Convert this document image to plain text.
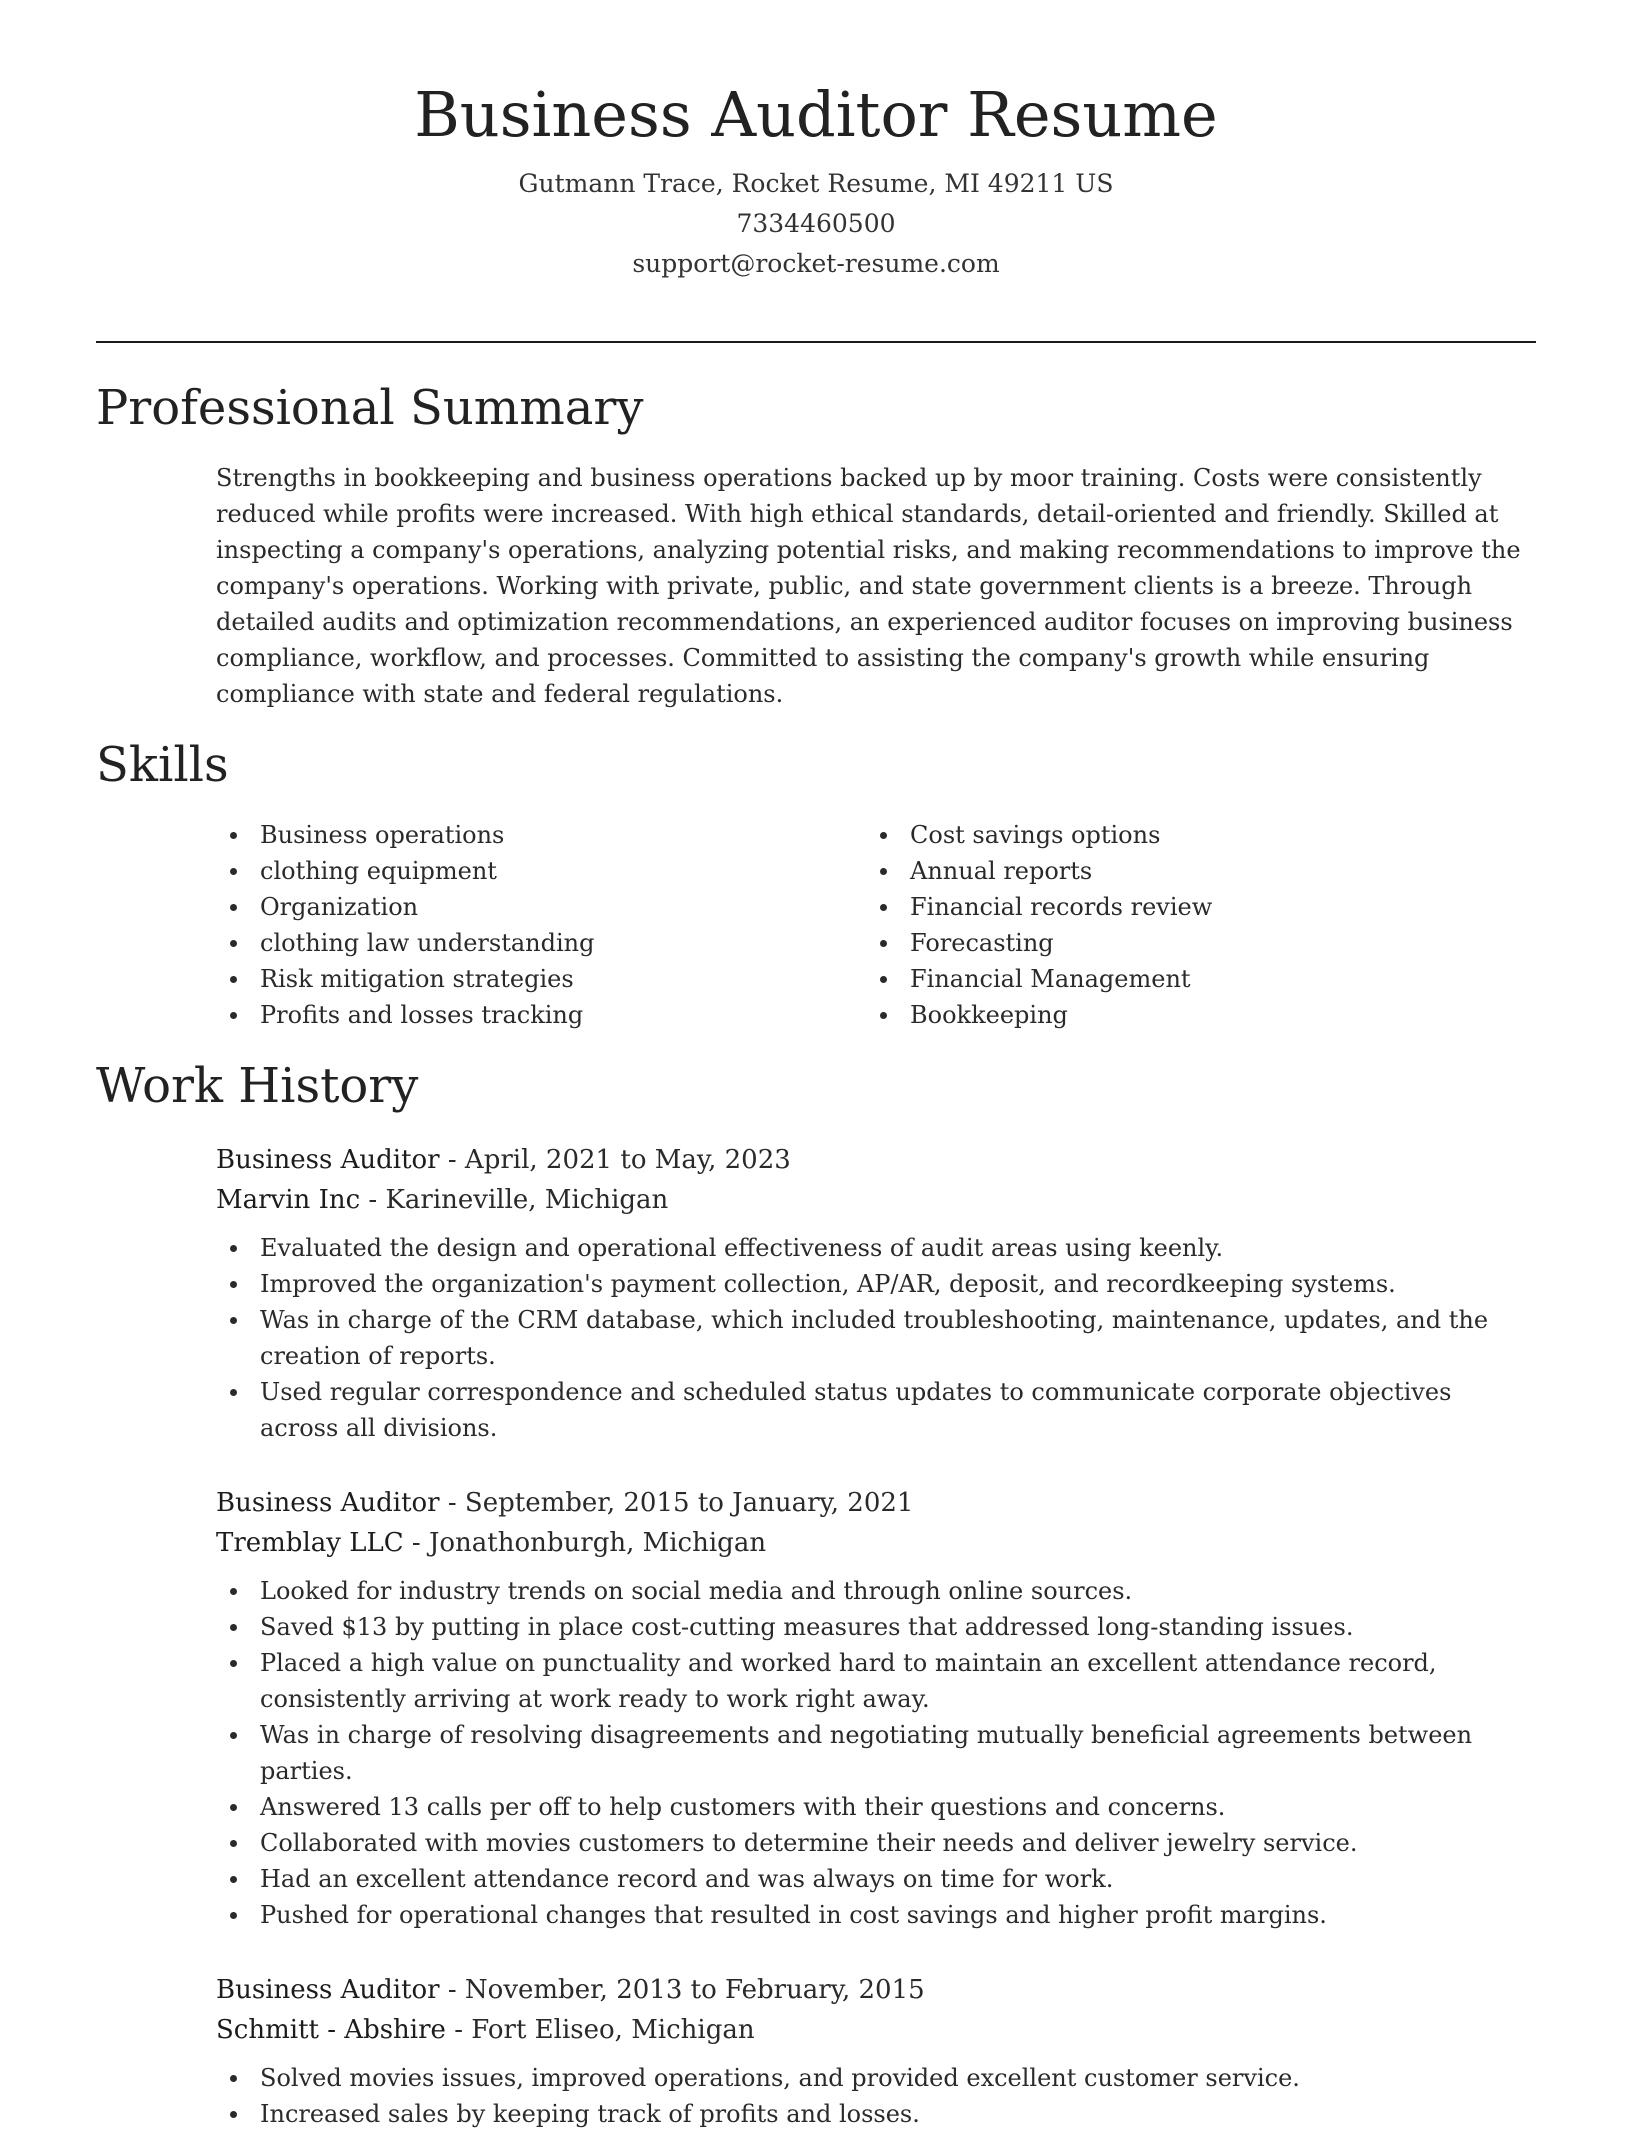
Business Auditor Resume
Gutmann Trace, Rocket Resume, MI 49211 US
7334460500
support@rocket-resume.com
Professional Summary
Strengths in bookkeeping and business operations backed up by moor training. Costs were consistently reduced while profits were increased. With high ethical standards, detail-oriented and friendly. Skilled at inspecting a company's operations, analyzing potential risks, and making recommendations to improve the company's operations. Working with private, public, and state government clients is a breeze. Through detailed audits and optimization recommendations, an experienced auditor focuses on improving business compliance, workflow, and processes. Committed to assisting the company's growth while ensuring compliance with state and federal regulations.
Skills
Business operations
clothing equipment
Organization
clothing law understanding
Risk mitigation strategies
Profits and losses tracking
Cost savings options
Annual reports
Financial records review
Forecasting
Financial Management
Bookkeeping
Work History
Business Auditor - April, 2021 to May, 2023
Marvin Inc - Karineville, Michigan
Evaluated the design and operational effectiveness of audit areas using keenly.
Improved the organization's payment collection, AP/AR, deposit, and recordkeeping systems.
Was in charge of the CRM database, which included troubleshooting, maintenance, updates, and the creation of reports.
Used regular correspondence and scheduled status updates to communicate corporate objectives across all divisions.
Business Auditor - September, 2015 to January, 2021
Tremblay LLC - Jonathonburgh, Michigan
Looked for industry trends on social media and through online sources.
Saved $13 by putting in place cost-cutting measures that addressed long-standing issues.
Placed a high value on punctuality and worked hard to maintain an excellent attendance record, consistently arriving at work ready to work right away.
Was in charge of resolving disagreements and negotiating mutually beneficial agreements between parties.
Answered 13 calls per off to help customers with their questions and concerns.
Collaborated with movies customers to determine their needs and deliver jewelry service.
Had an excellent attendance record and was always on time for work.
Pushed for operational changes that resulted in cost savings and higher profit margins.
Business Auditor - November, 2013 to February, 2015
Schmitt - Abshire - Fort Eliseo, Michigan
Solved movies issues, improved operations, and provided excellent customer service.
Increased sales by keeping track of profits and losses.
